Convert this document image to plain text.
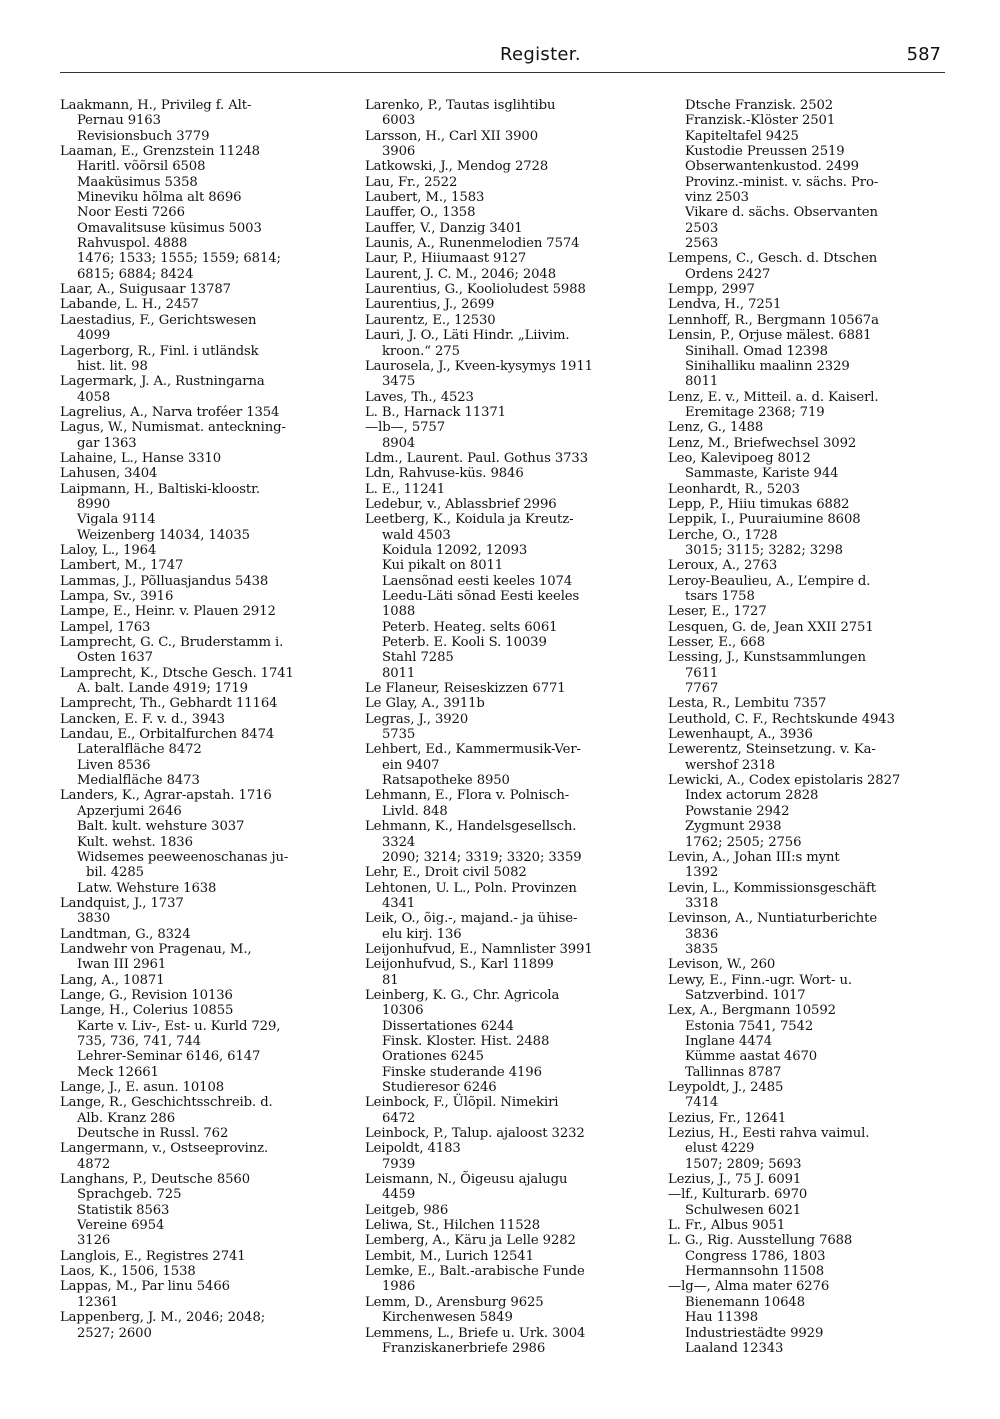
Register.	587
Laakmann, H., Privileg f. Alt-
Pernau 9163
Revisionsbuch 3779
Laaman, E., Grenzstein 11248
Haritl. võõrsil 6508
Maaküsimus 5358
Mineviku hõlma alt 8696
Noor Eesti 7266
Omavalitsuse küsimus 5003
Rahvuspol. 4888
1476; 1533; 1555; 1559; 6814;
6815; 6884; 8424
Laar, A., Suigusaar 13787
Labande, L. H., 2457
Laestadius, F., Gerichtswesen
4099
Lagerborg, R., Finl. i utländsk
hist. lit. 98
Lagermark, J. A., Rustningarna
4058
Lagrelius, A., Narva troféer 1354
Lagus, W., Numismat. anteckning-
gar 1363
Lahaine, L., Hanse 3310
Lahusen, 3404
Laipmann, H., Baltiski-kloostr.
8990
Vigala 9114
Weizenberg 14034, 14035
Laloy, L., 1964
Lambert, M., 1747
Lammas, J., Põlluasjandus 5438
Lampa, Sv., 3916
Lampe, E., Heinr. v. Plauen 2912
Lampel, 1763
Lamprecht, G. C., Bruderstamm i.
Osten 1637
Lamprecht, K., Dtsche Gesch. 1741
A. balt. Lande 4919; 1719
Lamprecht, Th., Gebhardt 11164
Lancken, E. F. v. d., 3943
Landau, E., Orbitalfurchen 8474
Lateralfläche 8472
Liven 8536
Medialfläche 8473
Landers, K., Agrar-apstah. 1716
Apzerjumi 2646
Balt. kult. wehsture 3037
Kult. wehst. 1836
Widsemes peeweenoschanas ju-
bil. 4285
Latw. Wehsture 1638
Landquist, J., 1737
3830
Landtman, G., 8324
Landwehr von Pragenau, M.,
Iwan III 2961
Lang, A., 10871
Lange, G., Revision 10136
Lange, H., Colerius 10855
Karte v. Liv-, Est- u. Kurld 729,
735, 736, 741, 744
Lehrer-Seminar 6146, 6147
Meck 12661
Lange, J., E. asun. 10108
Lange, R., Geschichtsschreib. d.
Alb. Kranz 286
Deutsche in Russl. 762
Langermann, v., Ostseeprovinz.
4872
Langhans, P., Deutsche 8560
Sprachgeb. 725
Statistik 8563
Vereine 6954
3126
Langlois, E., Registres 2741
Laos, K., 1506, 1538
Lappas, M., Par linu 5466
12361
Lappenberg, J. M., 2046; 2048;
2527; 2600
Larenko, P., Tautas isglihtibu
6003
Larsson, H., Carl XII 3900
3906
Latkowski, J., Mendog 2728
Lau, Fr., 2522
Laubert, M., 1583
Lauffer, O., 1358
Lauffer, V., Danzig 3401
Launis, A., Runenmelodien 7574
Laur, P., Hiiumaast 9127
Laurent, J. C. M., 2046; 2048
Laurentius, G., Koolioludest 5988
Laurentius, J., 2699
Laurentz, E., 12530
Lauri, J. O., Läti Hindr. „Liivim.
kroon.“ 275
Laurosela, J., Kveen-kysymys 1911
3475
Laves, Th., 4523
L. B., Harnack 11371
—lb—, 5757
8904
Ldm., Laurent. Paul. Gothus 3733
Ldn, Rahvuse-küs. 9846
L. E., 11241
Ledebur, v., Ablassbrief 2996
Leetberg, K., Koidula ja Kreutz-
wald 4503
Koidula 12092, 12093
Kui pikalt on 8011
Laensõnad eesti keeles 1074
Leedu-Läti sõnad Eesti keeles
1088
Peterb. Heateg. selts 6061
Peterb. E. Kooli S. 10039
Stahl 7285
8011
Le Flaneur, Reiseskizzen 6771
Le Glay, A., 3911b
Legras, J., 3920
5735
Lehbert, Ed., Kammermusik-Ver-
ein 9407
Ratsapotheke 8950
Lehmann, E., Flora v. Polnisch-
Livld. 848
Lehmann, K., Handelsgesellsch.
3324
2090; 3214; 3319; 3320; 3359
Lehr, E., Droit civil 5082
Lehtonen, U. L., Poln. Provinzen
4341
Leik, O., õig.-, majand.- ja ühise-
elu kirj. 136
Leijonhufvud, E., Namnlister 3991
Leijonhufvud, S., Karl 11899
81
Leinberg, K. G., Chr. Agricola
10306
Dissertationes 6244
Finsk. Kloster. Hist. 2488
Orationes 6245
Finske studerande 4196
Studieresor 6246
Leinbock, F., Ülõpil. Nimekiri
6472
Leinbock, P., Talup. ajaloost 3232
Leipoldt, 4183
7939
Leismann, N., Õigeusu ajalugu
4459
Leitgeb, 986
Leliwa, St., Hilchen 11528
Lemberg, A., Käru ja Lelle 9282
Lembit, M., Lurich 12541
Lemke, E., Balt.-arabische Funde
1986
Lemm, D., Arensburg 9625
Kirchenwesen 5849
Lemmens, L., Briefe u. Urk. 3004
Franziskanerbriefe 2986
Dtsche Franzisk. 2502
Franzisk.-Klöster 2501
Kapiteltafel 9425
Kustodie Preussen 2519
Obserwantenkustod. 2499
Provinz.-minist. v. sächs. Pro-
vinz 2503
Vikare d. sächs. Observanten
2503
2563
Lempens, C., Gesch. d. Dtschen
Ordens 2427
Lempp, 2997
Lendva, H., 7251
Lennhoff, R., Bergmann 10567a
Lensin, P., Orjuse mälest. 6881
Sinihall. Omad 12398
Sinihalliku maalinn 2329
8011
Lenz, E. v., Mitteil. a. d. Kaiserl.
Eremitage 2368; 719
Lenz, G., 1488
Lenz, M., Briefwechsel 3092
Leo, Kalevipoeg 8012
Sammaste, Kariste 944
Leonhardt, R., 5203
Lepp, P., Hiiu timukas 6882
Leppik, I., Puuraiumine 8608
Lerche, O., 1728
3015; 3115; 3282; 3298
Leroux, A., 2763
Leroy-Beaulieu, A., L’empire d.
tsars 1758
Leser, E., 1727
Lesquen, G. de, Jean XXII 2751
Lesser, E., 668
Lessing, J., Kunstsammlungen
7611
7767
Lesta, R., Lembitu 7357
Leuthold, C. F., Rechtskunde 4943
Lewenhaupt, A., 3936
Lewerentz, Steinsetzung. v. Ka-
wershof 2318
Lewicki, A., Codex epistolaris 2827
Index actorum 2828
Powstanie 2942
Zygmunt 2938
1762; 2505; 2756
Levin, A., Johan III:s mynt
1392
Levin, L., Kommissionsgeschäft
3318
Levinson, A., Nuntiaturberichte
3836
3835
Levison, W., 260
Lewy, E., Finn.-ugr. Wort- u.
Satzverbind. 1017
Lex, A., Bergmann 10592
Estonia 7541, 7542
Inglane 4474
Kümme aastat 4670
Tallinnas 8787
Leypoldt, J., 2485
7414
Lezius, Fr., 12641
Lezius, H., Eesti rahva vaimul.
elust 4229
1507; 2809; 5693
Lezius, J., 75 J. 6091
—lf., Kulturarb. 6970
Schulwesen 6021
L. Fr., Albus 9051
L. G., Rig. Ausstellung 7688
Congress 1786, 1803
Hermannsohn 11508
—lg—, Alma mater 6276
Bienemann 10648
Hau 11398
Industriestädte 9929
Laaland 12343
